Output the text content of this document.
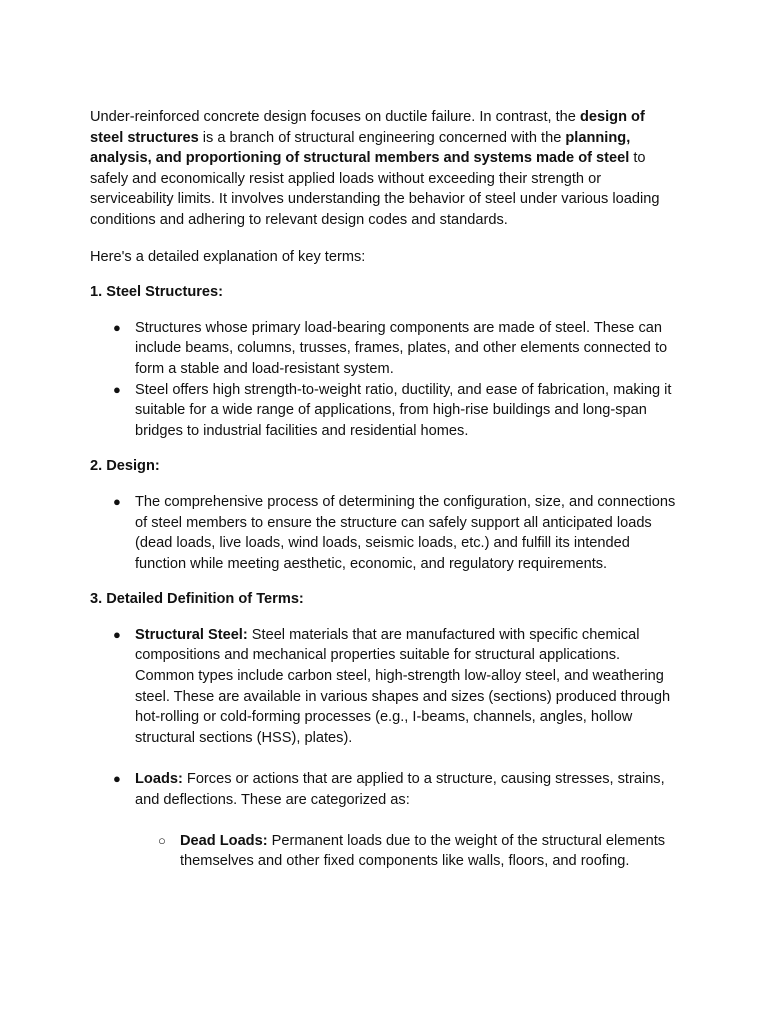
Under-reinforced concrete design focuses on ductile failure. In contrast, the design of steel structures is a branch of structural engineering concerned with the planning, analysis, and proportioning of structural members and systems made of steel to safely and economically resist applied loads without exceeding their strength or serviceability limits. It involves understanding the behavior of steel under various loading conditions and adhering to relevant design codes and standards.

Here's a detailed explanation of key terms:

1. Steel Structures:

● Structures whose primary load-bearing components are made of steel. These can include beams, columns, trusses, frames, plates, and other elements connected to form a stable and load-resistant system.
● Steel offers high strength-to-weight ratio, ductility, and ease of fabrication, making it suitable for a wide range of applications, from high-rise buildings and long-span bridges to industrial facilities and residential homes.

2. Design:

● The comprehensive process of determining the configuration, size, and connections of steel members to ensure the structure can safely support all anticipated loads (dead loads, live loads, wind loads, seismic loads, etc.) and fulfill its intended function while meeting aesthetic, economic, and regulatory requirements.

3. Detailed Definition of Terms:

● Structural Steel: Steel materials that are manufactured with specific chemical compositions and mechanical properties suitable for structural applications. Common types include carbon steel, high-strength low-alloy steel, and weathering steel. These are available in various shapes and sizes (sections) produced through hot-rolling or cold-forming processes (e.g., I-beams, channels, angles, hollow structural sections (HSS), plates).
● Loads: Forces or actions that are applied to a structure, causing stresses, strains, and deflections. These are categorized as:
○ Dead Loads: Permanent loads due to the weight of the structural elements themselves and other fixed components like walls, floors, and roofing.
